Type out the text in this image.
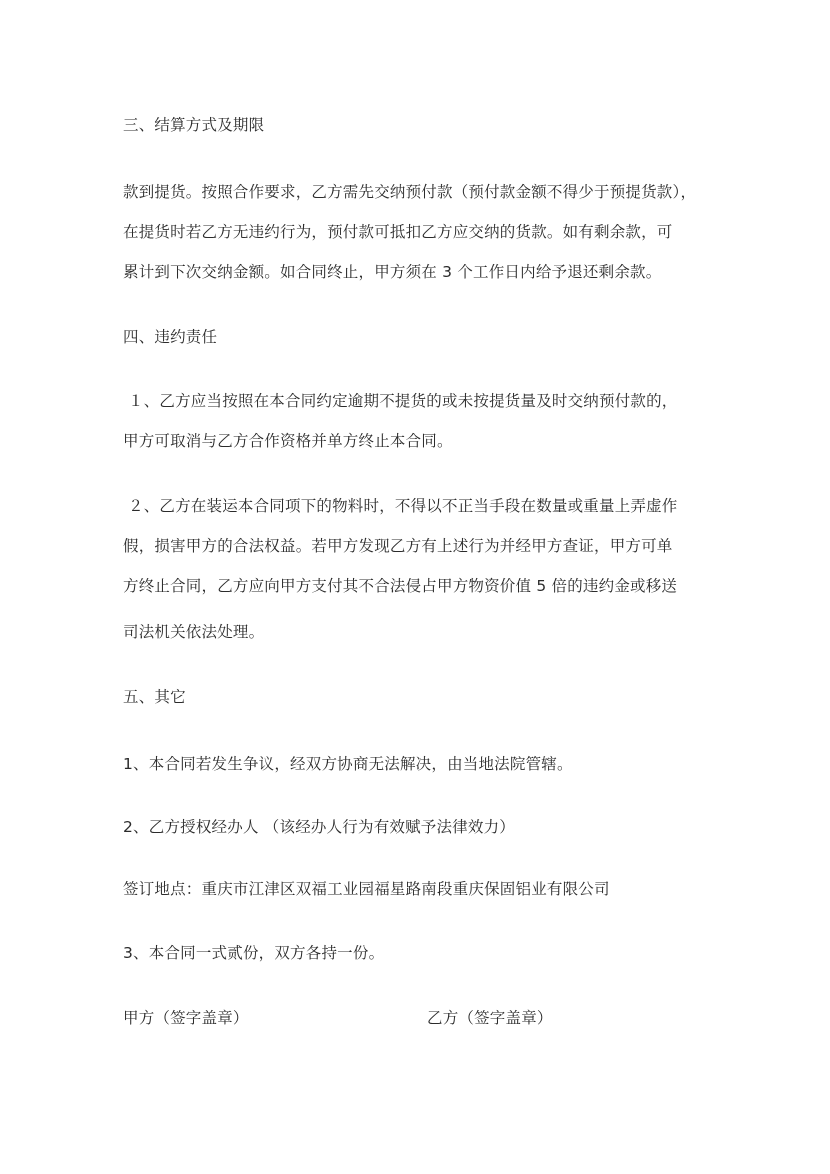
三、结算方式及期限
款到提货。按照合作要求，乙方需先交纳预付款（预付款金额不得少于预提货款），
在提货时若乙方无违约行为，预付款可抵扣乙方应交纳的货款。如有剩余款，可
累计到下次交纳金额。如合同终止，甲方须在 3 个工作日内给予退还剩余款。
四、违约责任
１、乙方应当按照在本合同约定逾期不提货的或未按提货量及时交纳预付款的，
甲方可取消与乙方合作资格并单方终止本合同。
２、乙方在装运本合同项下的物料时，不得以不正当手段在数量或重量上弄虚作
假，损害甲方的合法权益。若甲方发现乙方有上述行为并经甲方查证，甲方可单
方终止合同，乙方应向甲方支付其不合法侵占甲方物资价值 5 倍的违约金或移送
司法机关依法处理。
五、其它
1、本合同若发生争议，经双方协商无法解决，由当地法院管辖。
2、乙方授权经办人 （该经办人行为有效赋予法律效力）
签订地点：重庆市江津区双福工业园福星路南段重庆保固铝业有限公司
3、本合同一式贰份，双方各持一份。
甲方（签字盖章）	乙方（签字盖章）
